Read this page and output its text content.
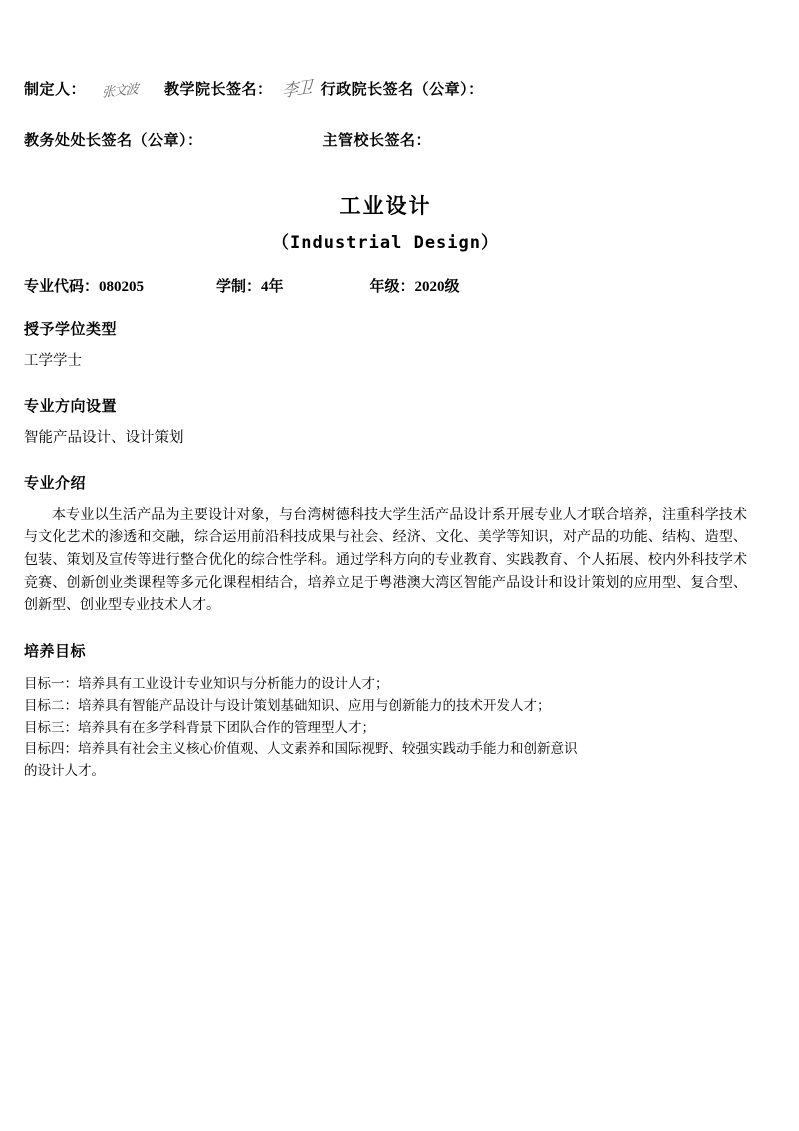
制定人： 张文波 教学院长签名： 李卫 行政院长签名（公章）：
教务处处长签名（公章）：	主管校长签名：
工业设计
（Industrial Design）
专业代码：080205	学制：4年	年级：2020级
授予学位类型

工学学士

专业方向设置

智能产品设计、设计策划

专业介绍

本专业以生活产品为主要设计对象，与台湾树德科技大学生活产品设计系开展专业人才联合培养，注重科学技术与文化艺术的渗透和交融，综合运用前沿科技成果与社会、经济、文化、美学等知识，对产品的功能、结构、造型、包装、策划及宣传等进行整合优化的综合性学科。通过学科方向的专业教育、实践教育、个人拓展、校内外科技学术竞赛、创新创业类课程等多元化课程相结合，培养立足于粤港澳大湾区智能产品设计和设计策划的应用型、复合型、创新型、创业型专业技术人才。

培养目标
目标一：培养具有工业设计专业知识与分析能力的设计人才；
目标二：培养具有智能产品设计与设计策划基础知识、应用与创新能力的技术开发人才；
目标三：培养具有在多学科背景下团队合作的管理型人才；
目标四：培养具有社会主义核心价值观、人文素养和国际视野、较强实践动手能力和创新意识
的设计人才。
